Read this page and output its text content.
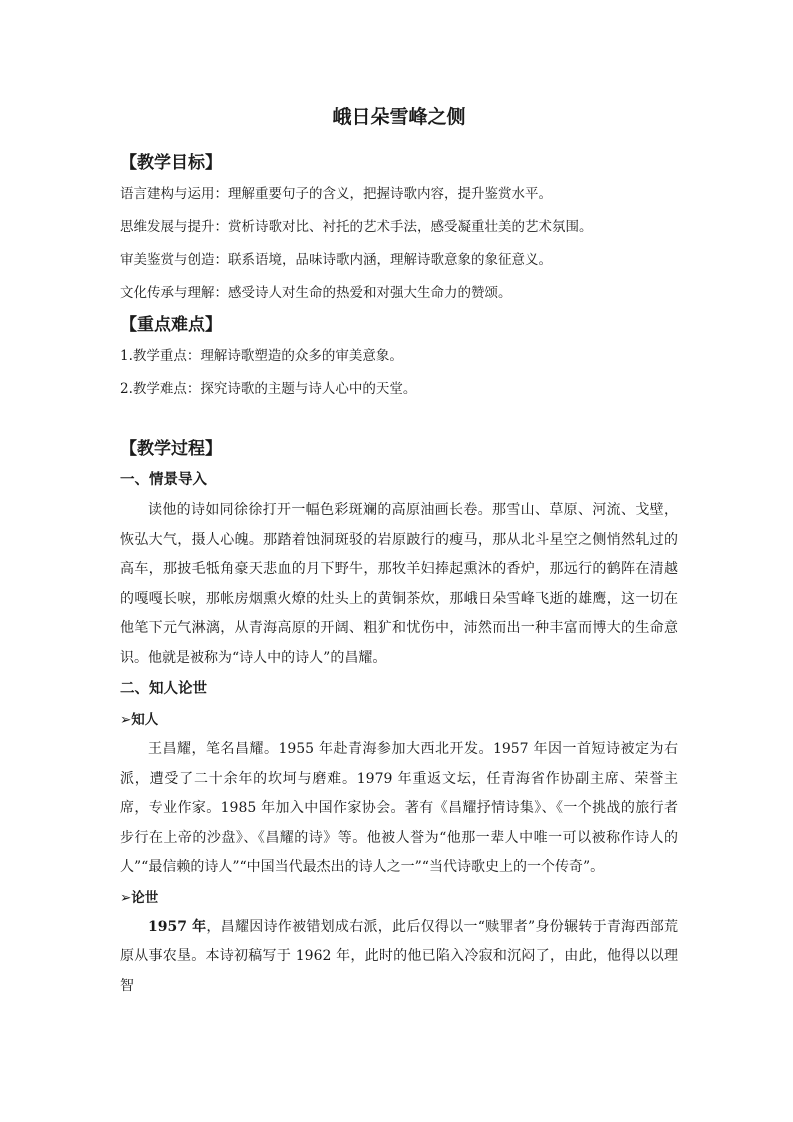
峨日朵雪峰之侧
【教学目标】

语言建构与运用：理解重要句子的含义，把握诗歌内容，提升鉴赏水平。

思维发展与提升：赏析诗歌对比、衬托的艺术手法，感受凝重壮美的艺术氛围。

审美鉴赏与创造：联系语境，品味诗歌内涵，理解诗歌意象的象征意义。

文化传承与理解：感受诗人对生命的热爱和对强大生命力的赞颂。

【重点难点】

1.教学重点：理解诗歌塑造的众多的审美意象。

2.教学难点：探究诗歌的主题与诗人心中的天堂。

【教学过程】
一、情景导入

读他的诗如同徐徐打开一幅色彩斑斓的高原油画长卷。那雪山、草原、河流、戈壁，恢弘大气，摄人心魄。那踏着蚀洞斑驳的岩原跛行的瘦马，那从北斗星空之侧悄然轧过的高车，那披毛牴角豪天悲血的月下野牛，那牧羊妇捧起熏沐的香炉，那远行的鹤阵在清越的嘎嘎长唳，那帐房烟熏火燎的灶头上的黄铜茶炊，那峨日朵雪峰飞逝的雄鹰，这一切在他笔下元气淋漓，从青海高原的开阔、粗犷和忧伤中，沛然而出一种丰富而博大的生命意识。他就是被称为“诗人中的诗人”的昌耀。

二、知人论世
➢知人

王昌耀，笔名昌耀。1955 年赴青海参加大西北开发。1957 年因一首短诗被定为右派，遭受了二十余年的坎坷与磨难。1979 年重返文坛，任青海省作协副主席、荣誉主席，专业作家。1985 年加入中国作家协会。著有《昌耀抒情诗集》、《一个挑战的旅行者步行在上帝的沙盘》、《昌耀的诗》等。他被人誉为“他那一辈人中唯一可以被称作诗人的人”“最信赖的诗人”“中国当代最杰出的诗人之一”“当代诗歌史上的一个传奇”。

➢论世

1957 年，昌耀因诗作被错划成右派，此后仅得以一“赎罪者”身份辗转于青海西部荒原从事农垦。本诗初稿写于 1962 年，此时的他已陷入冷寂和沉闷了，由此，他得以以理智
